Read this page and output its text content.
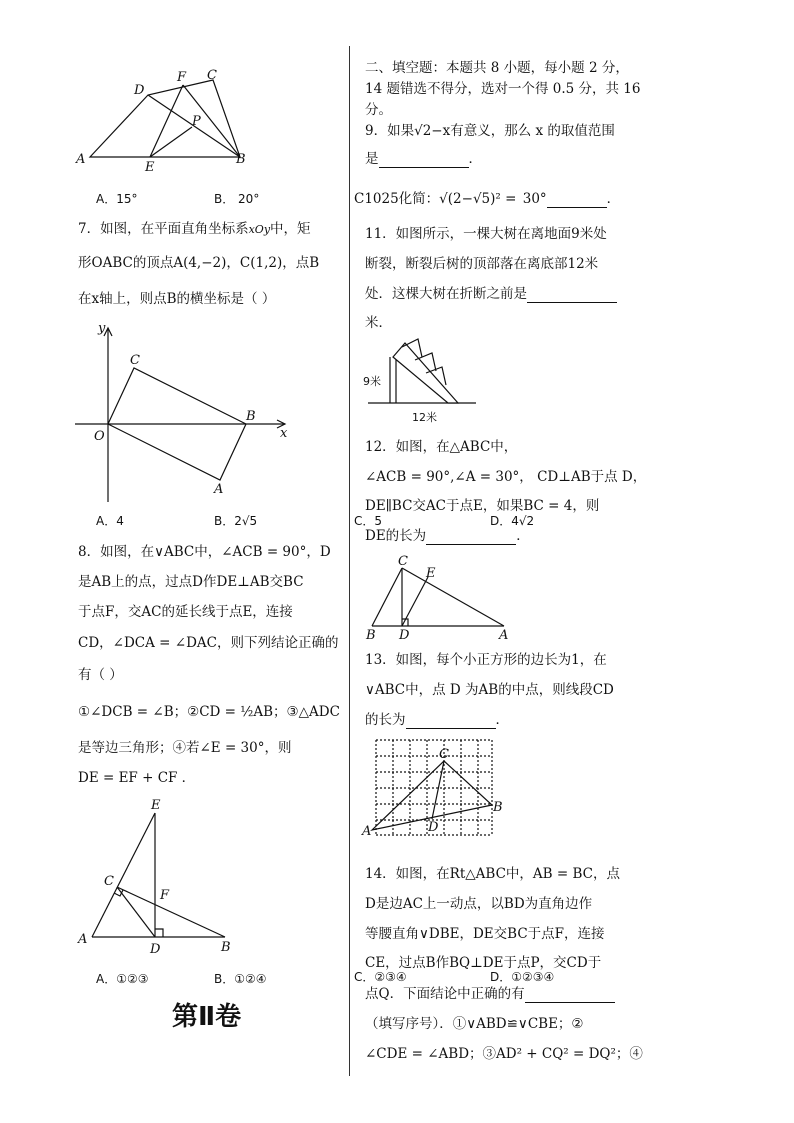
D
F C
P
A
E
B
A．15°	B． 20°
7．如图，在平面直角坐标系xOy中，矩
形OABC的顶点A(4,−2)，C(1,2)，点B
在x轴上，则点B的横坐标是（ ）
y
x
O
C
B
A
A．4	B．2√5
8．如图，在∨ABC中，∠ACB = 90°，D
是AB上的点，过点D作DE⊥AB交BC
于点F，交AC的延长线于点E，连接
CD，∠DCA = ∠DAC，则下列结论正确的
有（ ）
①∠DCB = ∠B；②CD = ½AB；③△ADC
是等边三角形；④若∠E = 30°，则
DE = EF + CF ．
E
C
F
A
D	B
A．①②③	B．①②④
第Ⅱ卷
二、填空题：本题共 8 小题，每小题 2 分，
14 题错选不得分，选对一个得 0.5 分，共 16
分。
9．如果√2−x有意义，那么 x 的取值范围
是	．
C1025化简：√(2−√5)² = 30°	．
11．如图所示，一棵大树在离地面9米处
断裂，断裂后树的顶部落在离底部12米
处．这棵大树在折断之前是
米．
9米
12米
12．如图，在△ABC中，
∠ACB = 90°,∠A = 30°， CD⊥AB于点 D，
DE∥BC交AC于点E，如果BC = 4，则
C．5	D．4√2
DE的长为	．
C
E
B D	A
13．如图，每个小正方形的边长为1，在
∨ABC中，点 D 为AB的中点，则线段CD
的长为	．
C
B
A	D
14．如图，在Rt△ABC中，AB = BC，点
D是边AC上一动点，以BD为直角边作
等腰直角∨DBE，DE交BC于点F，连接
CE，过点B作BQ⊥DE于点P，交CD于
C．②③④	D．①②③④
点Q．下面结论中正确的有
（填写序号）．①∨ABD≌∨CBE；②
∠CDE = ∠ABD；③AD² + CQ² = DQ²；④
